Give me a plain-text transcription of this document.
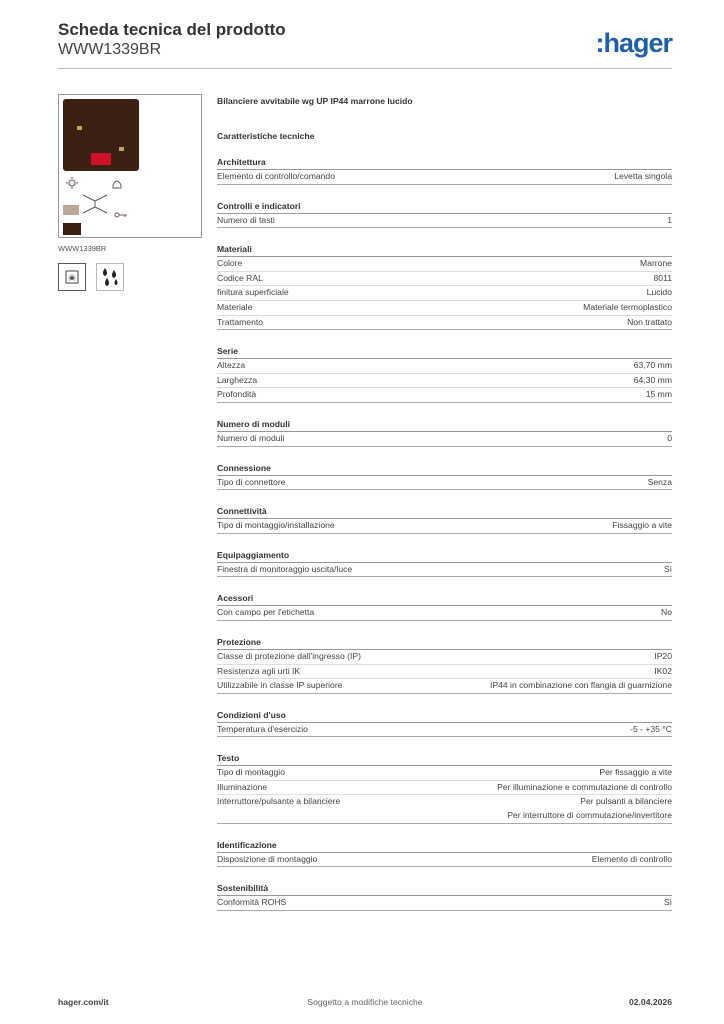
Scheda tecnica del prodotto
WWW1339BR	:hager
WWW1339BR
Bilanciere avvitabile wg UP IP44 marrone lucido
Caratteristiche tecniche
Architettura
Elemento di controllo/comando	Levetta singola
Controlli e indicatori
Numero di tasti	1
Materiali
Colore	Marrone
Codice RAL	8011
finitura superficiale	Lucido
Materiale	Materiale termoplastico
Trattamento	Non trattato
Serie
Altezza	63,70 mm
Larghezza	64,30 mm
Profondità	15 mm
Numero di moduli
Numero di moduli	0
Connessione
Tipo di connettore	Senza
Connettività
Tipo di montaggio/installazione	Fissaggio a vite
Equipaggiamento
Finestra di monitoraggio uscita/luce	Sì
Acessori
Con campo per l'etichetta	No
Protezione
Classe di protezione dall'ingresso (IP)	IP20
Resistenza agli urti IK	IK02
Utilizzabile in classe IP superiore	IP44 in combinazione con flangia di guarnizione
Condizioni d'uso
Temperatura d'esercizio	-5 - +35 °C
Testo
Tipo di montaggio	Per fissaggio a vite
Illuminazione	Per illuminazione e commutazione di controllo
Interruttore/pulsante a bilanciere	Per pulsanti a bilanciere
Per interruttore di commutazione/invertitore
Identificazione
Disposizione di montaggio	Elemento di controllo
Sostenibilità
Conformità ROHS	Sì
Soggetto a modifiche tecniche
hager.com/it	02.04.2026
